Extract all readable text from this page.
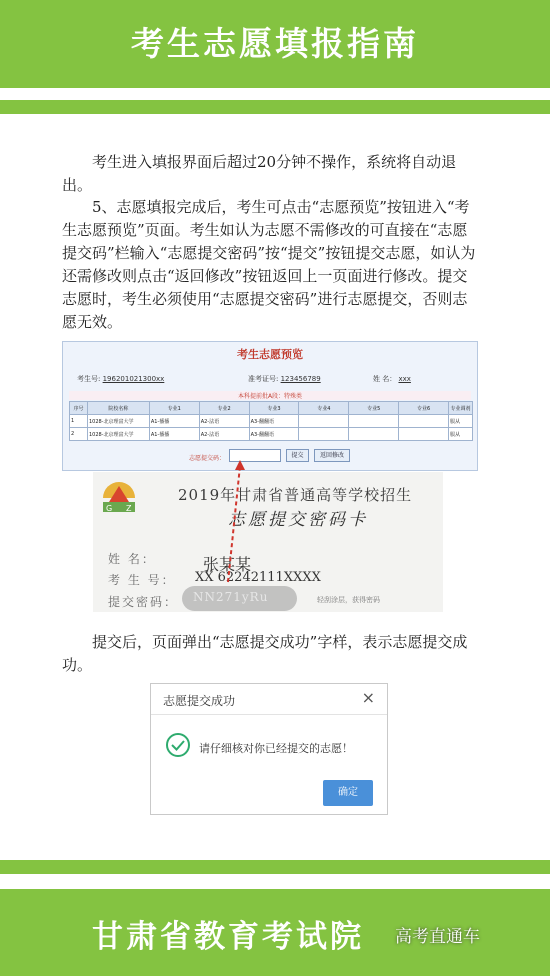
考生志愿填报指南

考生进入填报界面后超过20分钟不操作，系统将自动退出。

5、志愿填报完成后，考生可点击“志愿预览”按钮进入“考生志愿预览”页面。考生如认为志愿不需修改的可直接在“志愿提交码”栏输入“志愿提交密码”按“提交”按钮提交志愿，如认为还需修改则点击“返回修改”按钮返回上一页面进行修改。提交志愿时，考生必须使用“志愿提交密码”进行志愿提交，否则志愿无效。

考生志愿预览
考生号: 196201021300xx	准考证号: 123456789	姓 名： xxx
本科提前批A段：特殊类
序号	院校名称	专业1	专业2	专业3	专业4	专业5	专业6	专业调剂
1	1028-北京理富大学	A1-播播	A2-法语	A3-翻翻语				服从
2	1028-北京理富大学	A1-播播	A2-法语	A3-翻翻语				服从
志愿提交码：	提交	返回修改
G Z
2019年甘肃省普通高等学校招生
志愿提交密码卡
姓 名：	张某某
考 生 号： XX 62242111XXXX
提交密码： NN271yRu	轻刮涂层，获得密码

提交后，页面弹出“志愿提交成功”字样，表示志愿提交成功。

志愿提交成功	×
请仔细核对你已经提交的志愿！
确定
甘肃省教育考试院 高考直通车
